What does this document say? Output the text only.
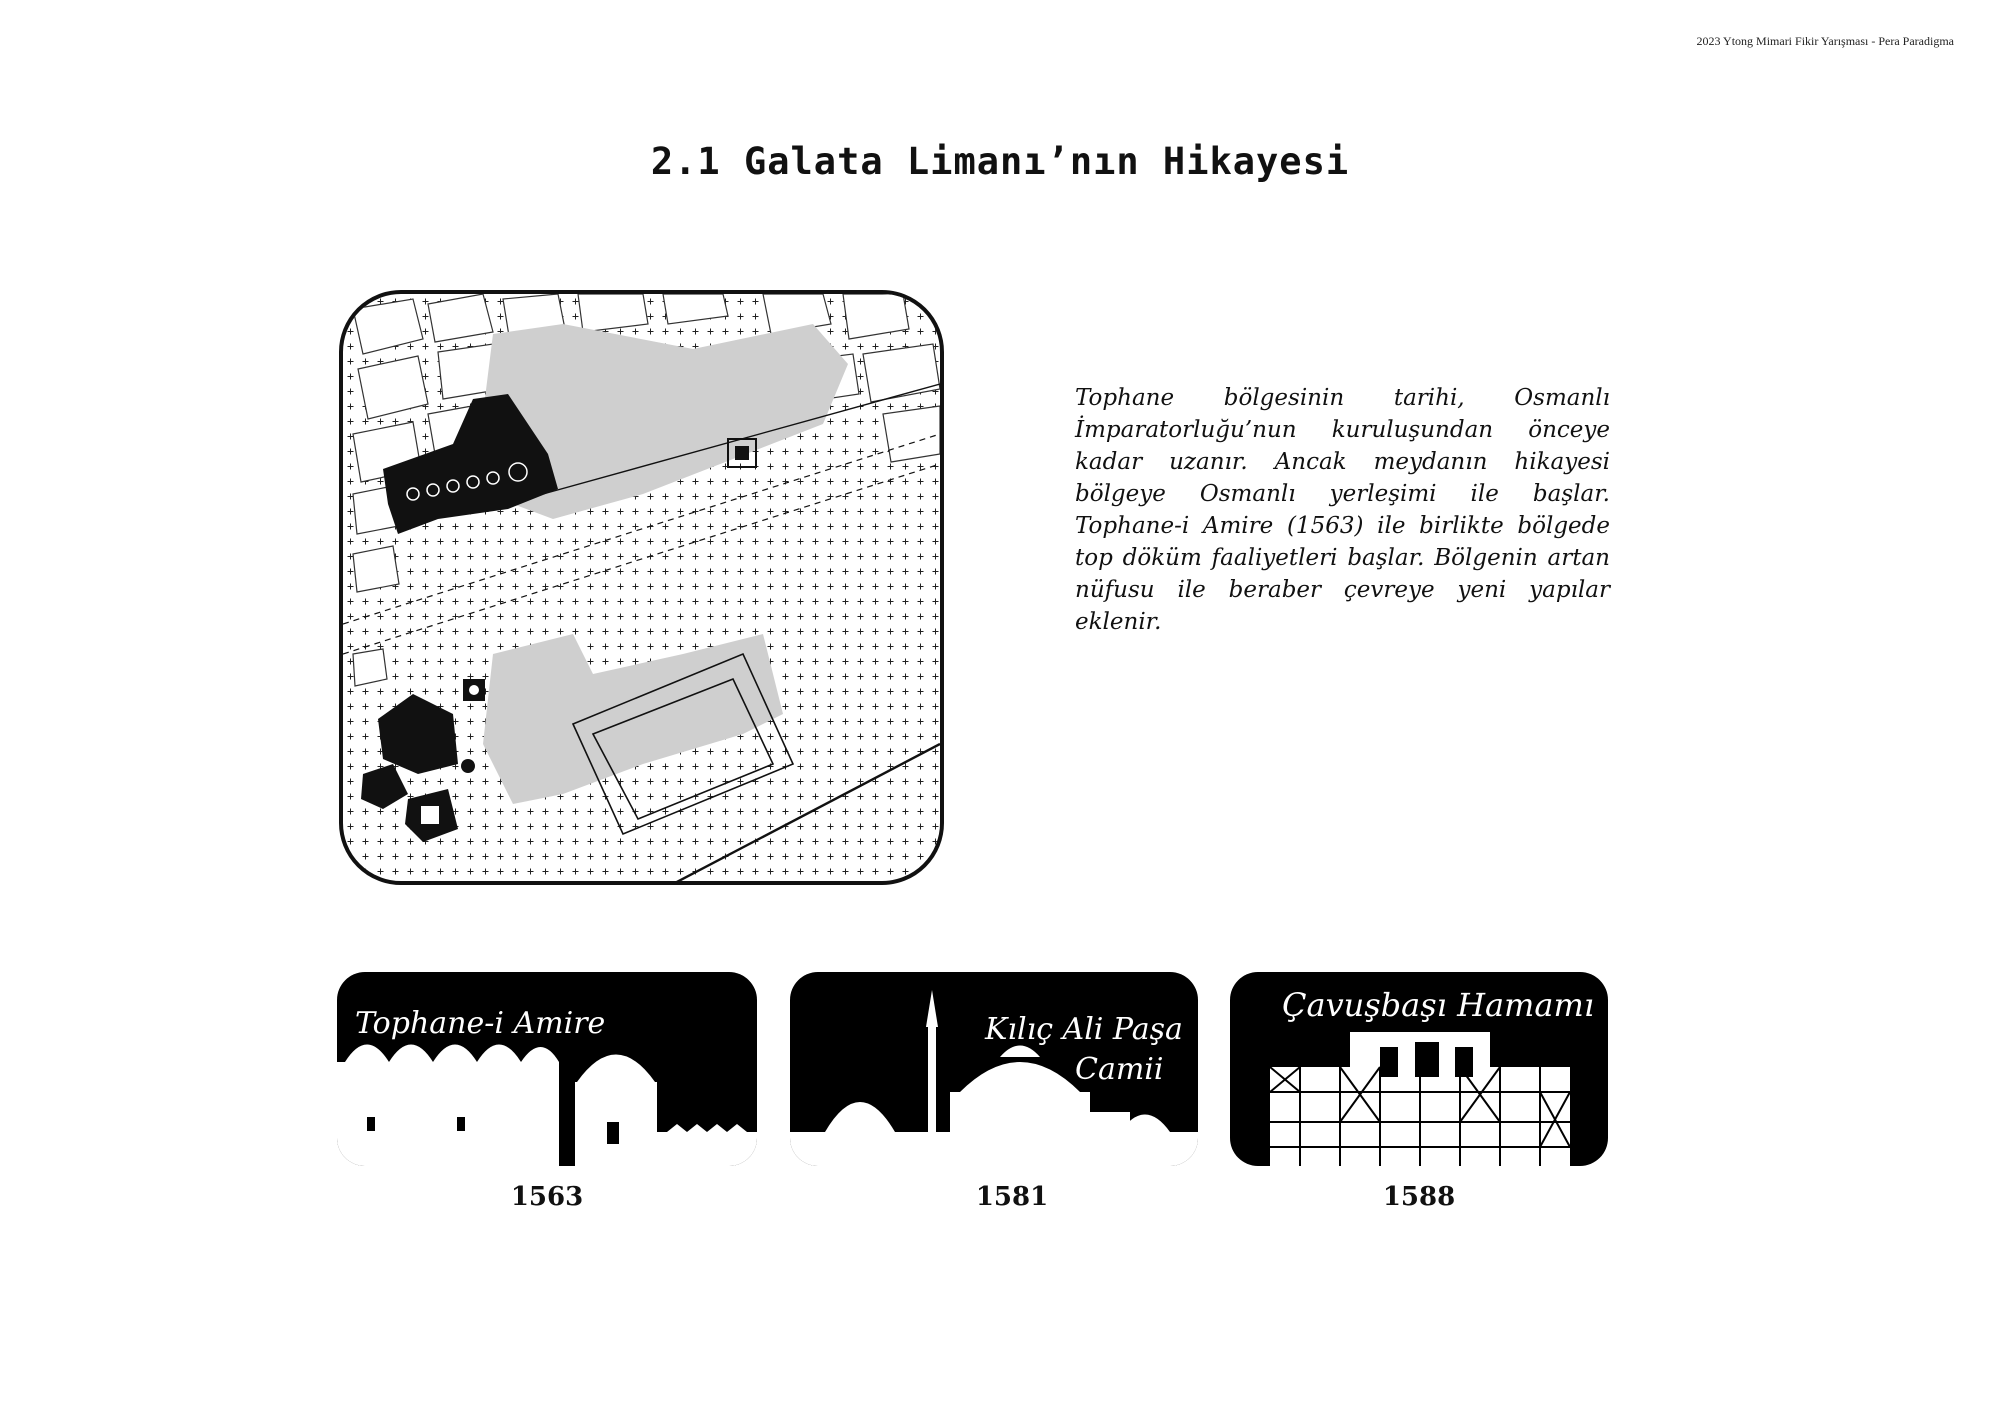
2023 Ytong Mimari Fikir Yarışması - Pera Paradigma
2.1 Galata Limanı’nın Hikayesi

Tophane bölgesinin tarihi, Osmanlı İmparatorluğu’nun kuruluşundan önceye kadar uzanır. Ancak meydanın hikayesi bölgeye Osmanlı yerleşimi ile başlar. Tophane-i Amire (1563) ile birlikte bölgede top döküm faaliyetleri başlar. Bölgenin artan nüfusu ile beraber çevreye yeni yapılar eklenir.

Tophane-i Amire
1563
Kılıç Ali Paşa
Camii
1581
Çavuşbaşı Hamamı
1588
